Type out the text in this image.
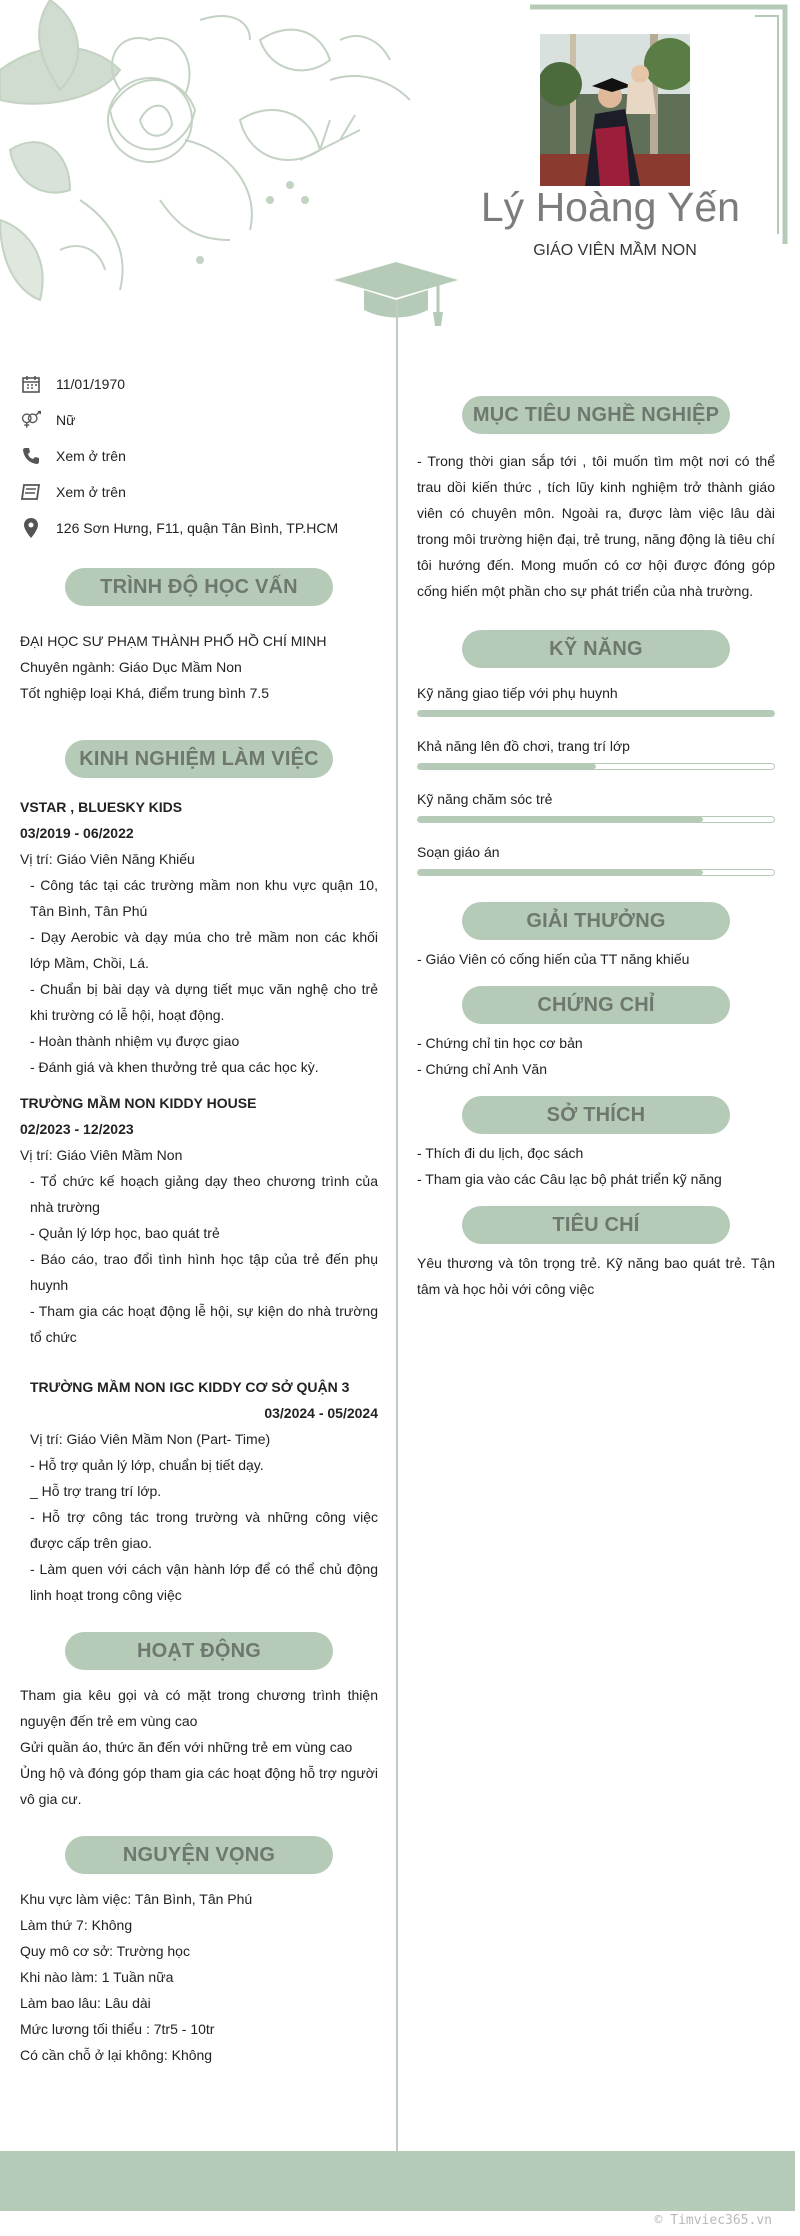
Lý Hoàng Yến
GIÁO VIÊN MẦM NON
11/01/1970
Nữ
Xem ở trên
Xem ở trên
126 Sơn Hưng, F11, quận Tân Bình, TP.HCM
TRÌNH ĐỘ HỌC VẤN
ĐẠI HỌC SƯ PHẠM THÀNH PHỐ HỒ CHÍ MINH
Chuyên ngành: Giáo Dục Mầm Non
Tốt nghiệp loại Khá, điểm trung bình 7.5
KINH NGHIỆM LÀM VIỆC
VSTAR , BLUESKY KIDS
03/2019 - 06/2022
Vị trí: Giáo Viên Năng Khiếu
- Công tác tại các trường mầm non khu vực quận 10, Tân Bình, Tân Phú
- Dạy Aerobic và dạy múa cho trẻ mầm non các khối lớp Mầm, Chồi, Lá.
- Chuẩn bị bài dạy và dựng tiết mục văn nghệ cho trẻ khi trường có lễ hội, hoạt động.
- Hoàn thành nhiệm vụ được giao
- Đánh giá và khen thưởng trẻ qua các học kỳ.
TRƯỜNG MẦM NON KIDDY HOUSE
02/2023 - 12/2023
Vị trí: Giáo Viên Mầm Non
- Tổ chức kế hoạch giảng dạy theo chương trình của nhà trường
- Quản lý lớp học, bao quát trẻ
- Báo cáo, trao đổi tình hình học tập của trẻ đến phụ huynh
- Tham gia các hoạt động lễ hội, sự kiện do nhà trường tổ chức
TRƯỜNG MẦM NON IGC KIDDY CƠ SỞ QUẬN 3
03/2024 - 05/2024
Vị trí: Giáo Viên Mầm Non (Part- Time)
- Hỗ trợ quản lý lớp, chuẩn bị tiết dạy.
_ Hỗ trợ trang trí lớp.
- Hỗ trợ công tác trong trường và những công việc được cấp trên giao.
- Làm quen với cách vận hành lớp để có thể chủ động linh hoạt trong công việc
HOẠT ĐỘNG
Tham gia kêu gọi và có mặt trong chương trình thiện nguyện đến trẻ em vùng cao
Gửi quần áo, thức ăn đến với những trẻ em vùng cao
Ủng hộ và đóng góp tham gia các hoạt động hỗ trợ người vô gia cư.
NGUYỆN VỌNG
Khu vực làm việc: Tân Bình, Tân Phú
Làm thứ 7: Không
Quy mô cơ sở: Trường học
Khi nào làm: 1 Tuần nữa
Làm bao lâu: Lâu dài
Mức lương tối thiểu : 7tr5 - 10tr
Có cần chỗ ở lại không: Không
MỤC TIÊU NGHỀ NGHIỆP
- Trong thời gian sắp tới , tôi muốn tìm một nơi có thể trau dồi kiến thức , tích lũy kinh nghiệm trở thành giáo viên có chuyên môn. Ngoài ra, được làm việc lâu dài trong môi trường hiện đại, trẻ trung, năng động là tiêu chí tôi hướng đến. Mong muốn có cơ hội được đóng góp cống hiến một phần cho sự phát triển của nhà trường.
KỸ NĂNG
Kỹ năng giao tiếp với phụ huynh
Khả năng lên đồ chơi, trang trí lớp
Kỹ năng chăm sóc trẻ
Soạn giáo án
GIẢI THƯỞNG
- Giáo Viên có cống hiến của TT năng khiếu
CHỨNG CHỈ
- Chứng chỉ tin học cơ bản
- Chứng chỉ Anh Văn
SỞ THÍCH
- Thích đi du lịch, đọc sách
- Tham gia vào các Câu lạc bộ phát triển kỹ năng
TIÊU CHÍ
Yêu thương và tôn trọng trẻ. Kỹ năng bao quát trẻ. Tận tâm và học hỏi với công việc
© Timviec365.vn
